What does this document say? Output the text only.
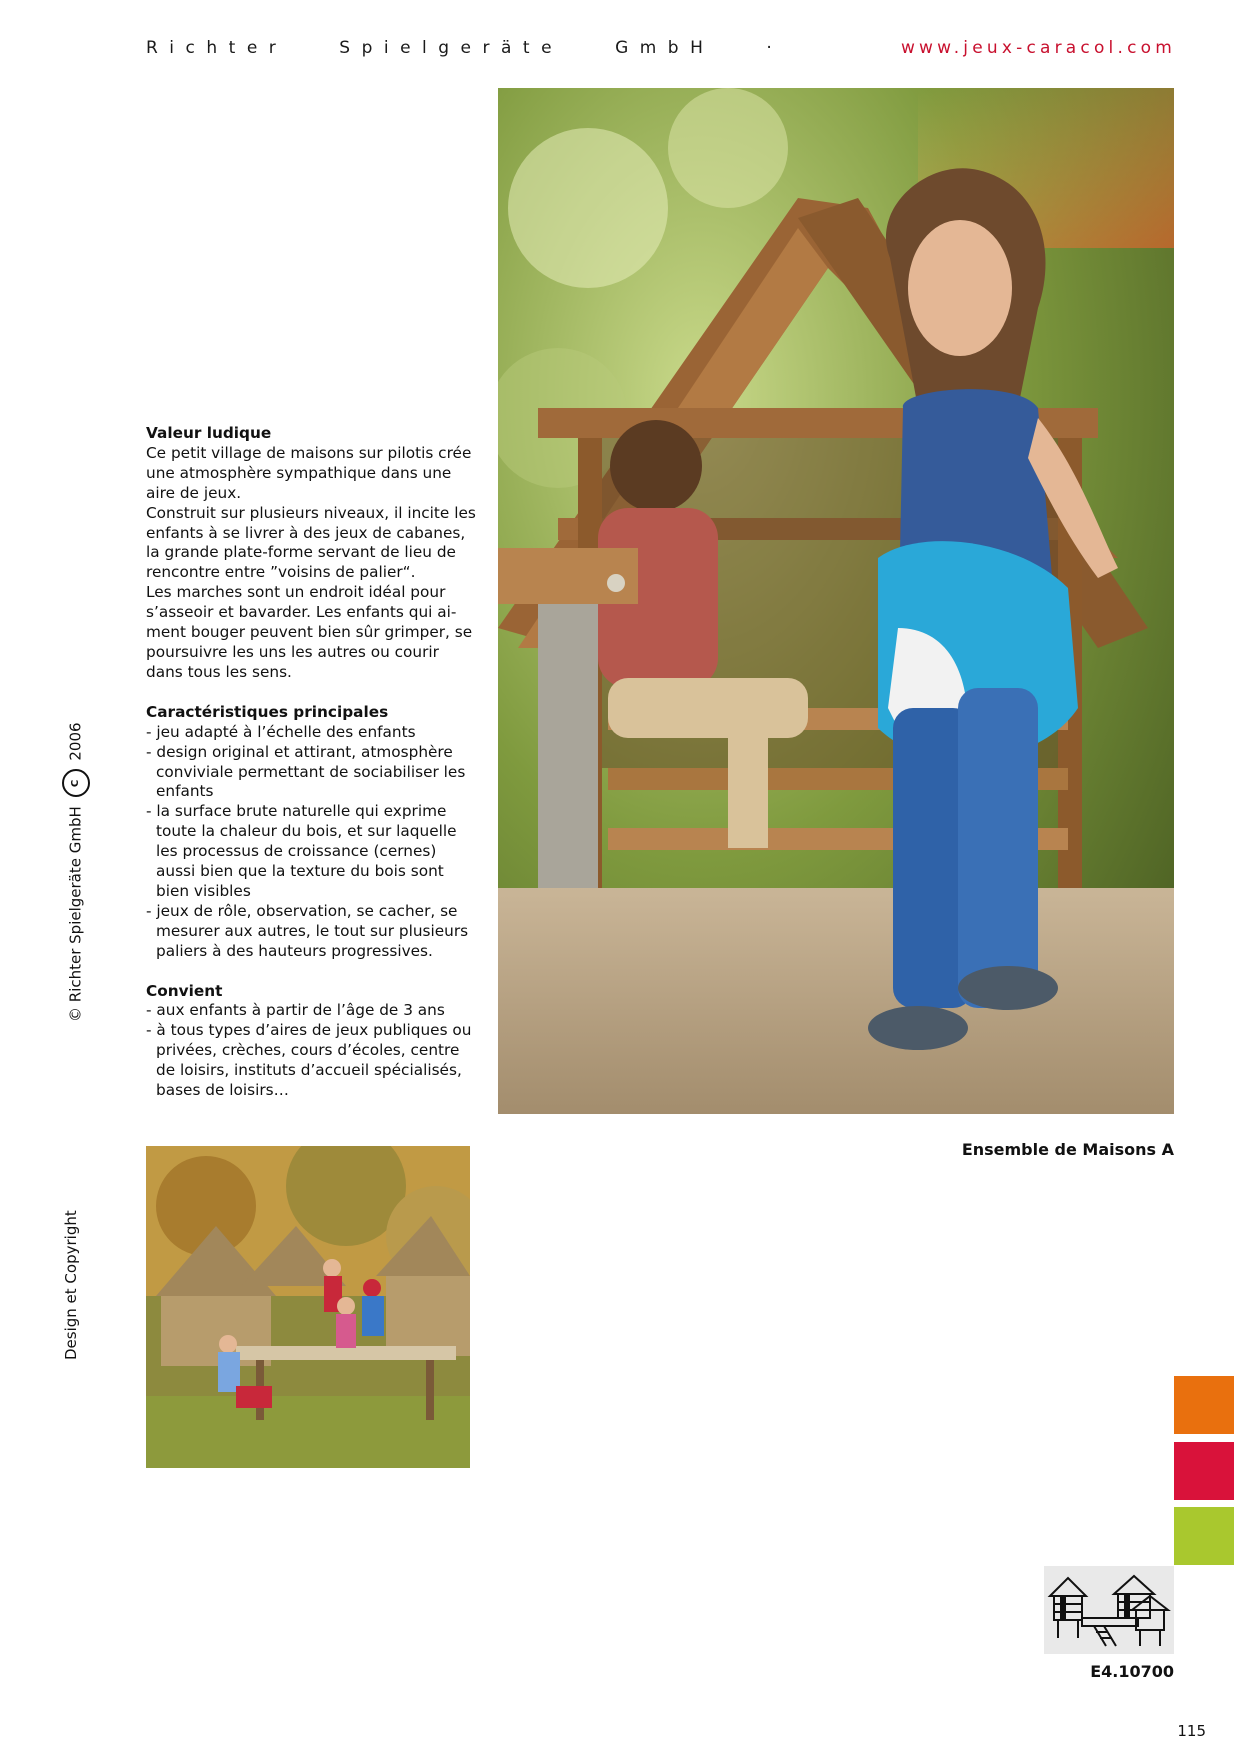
Richter	Spielgeräte	GmbH	·	www.jeux-caracol.com
Valeur ludique

Ce petit village de maisons sur pilotis crée une atmosphère sympathique dans une aire de jeux.

Construit sur plusieurs niveaux, il incite les enfants à se livrer à des jeux de cabanes, la grande plate-forme servant de lieu de rencontre entre ”voisins de palier“.

Les marches sont un endroit idéal pour s’asseoir et bavarder. Les enfants qui ai-ment bouger peuvent bien sûr grimper, se poursuivre les uns les autres ou courir dans tous les sens.

Caractéristiques principales
- jeu adapté à l’échelle des enfants
- design original et attirant, atmosphère conviviale permettant de sociabiliser les enfants
- la surface brute naturelle qui exprime toute la chaleur du bois, et sur laquelle les processus de croissance (cernes) aussi bien que la texture du bois sont bien visibles
- jeux de rôle, observation, se cacher, se mesurer aux autres, le tout sur plusieurs paliers à des hauteurs progressives.
Convient
- aux enfants à partir de l’âge de 3 ans
- à tous types d’aires de jeux publiques ou privées, crèches, cours d’écoles, centre de loisirs, instituts d’accueil spécialisés, bases de loisirs…
© Richter Spielgeräte GmbH C 2006
Design et Copyright
Ensemble de Maisons A
E4.10700
115
